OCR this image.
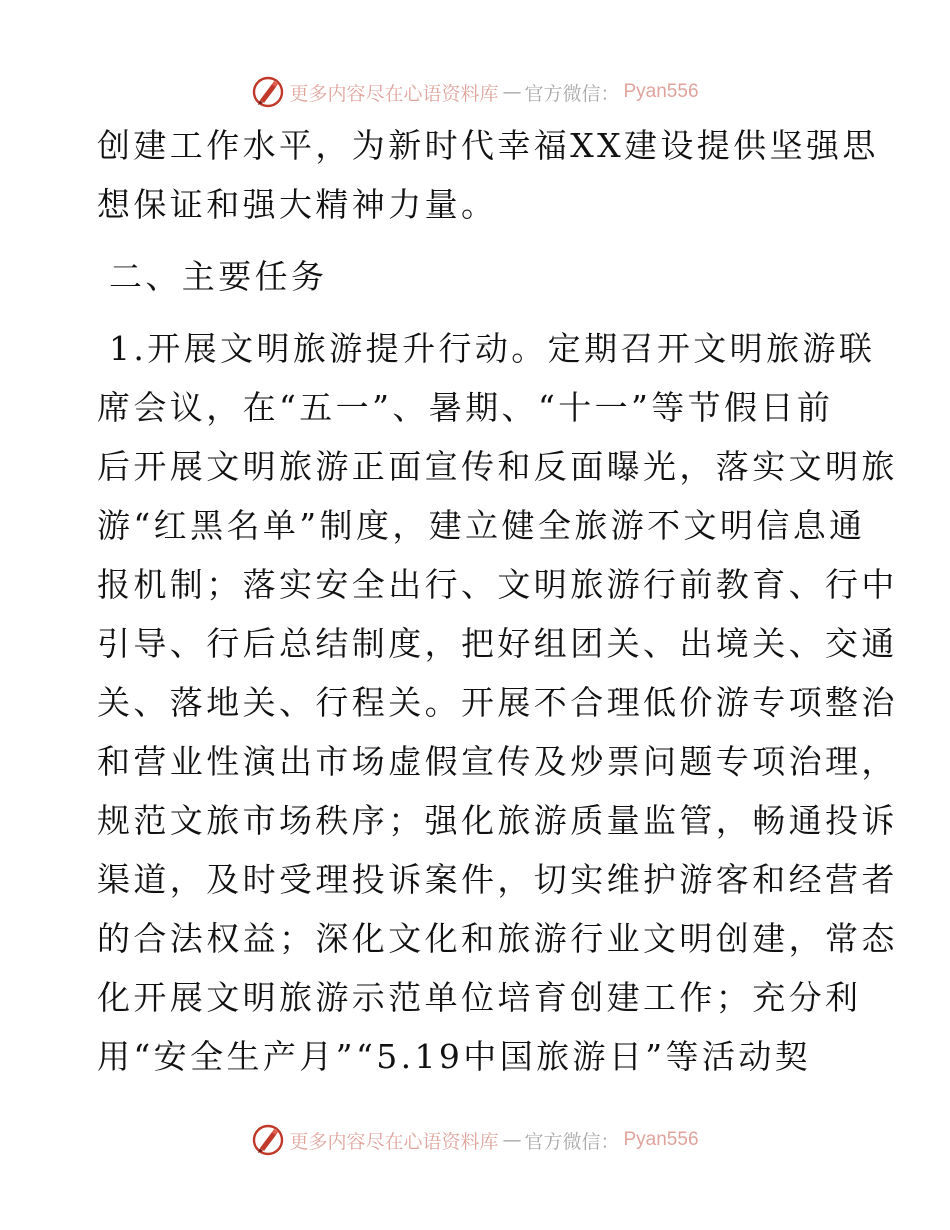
更多内容尽在心语资料库 — 官方微信： Pyan556
创建工作水平，为新时代幸福XX建设提供坚强思
想保证和强大精神力量。
二、主要任务
1.开展文明旅游提升行动。定期召开文明旅游联
席会议，在“五一”、暑期、“十一”等节假日前
后开展文明旅游正面宣传和反面曝光，落实文明旅
游“红黑名单”制度，建立健全旅游不文明信息通
报机制；落实安全出行、文明旅游行前教育、行中
引导、行后总结制度，把好组团关、出境关、交通
关、落地关、行程关。开展不合理低价游专项整治
和营业性演出市场虚假宣传及炒票问题专项治理，
规范文旅市场秩序；强化旅游质量监管，畅通投诉
渠道，及时受理投诉案件，切实维护游客和经营者
的合法权益；深化文化和旅游行业文明创建，常态
化开展文明旅游示范单位培育创建工作；充分利
用“安全生产月”“5.19中国旅游日”等活动契
更多内容尽在心语资料库 — 官方微信： Pyan556
